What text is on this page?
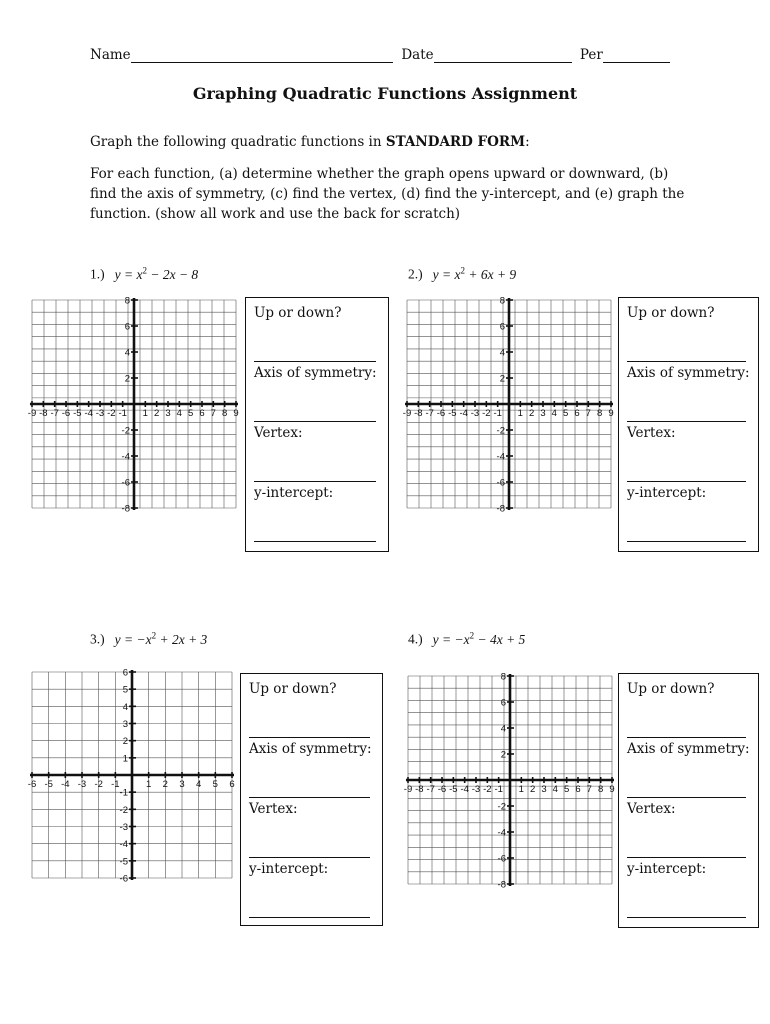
Name	Date	Per
Graphing Quadratic Functions Assignment
Graph the following quadratic functions in STANDARD FORM:
For each function, (a) determine whether the graph opens upward or downward, (b) find the axis of symmetry, (c) find the vertex, (d) find the y-intercept, and (e) graph the function. (show all work and use the back for scratch)
1.) $y = x^2 - 2x - 8$
-9 -8 -7 -6 -5 -4 -3 -2 -1 1 2 3 4 5 6 7 8 9
8
6
4
2
-2
-4
-6
-8
Up or down?
Axis of symmetry:
Vertex:
y-intercept:
2.) $y = x^2 + 6x + 9$
-9 -8 -7 -6 -5 -4 -3 -2 -1 1 2 3 4 5 6 7 8 9
8
6
4
2
-2
-4
-6
-8
Up or down?
Axis of symmetry:
Vertex:
y-intercept:
3.) $y = -x^2 + 2x + 3$
-6 -5 -4 -3 -2 -1	1 2 3 4 5 6
6
5
4
3
2
1
-1
-2
-3
-4
-5
-6
Up or down?
Axis of symmetry:
Vertex:
y-intercept:
4.) $y = -x^2 - 4x + 5$
-9 -8 -7 -6 -5 -4 -3 -2 -1 1 2 3 4 5 6 7 8 9
8
6
4
2
-2
-4
-6
-8
Up or down?
Axis of symmetry:
Vertex:
y-intercept:
